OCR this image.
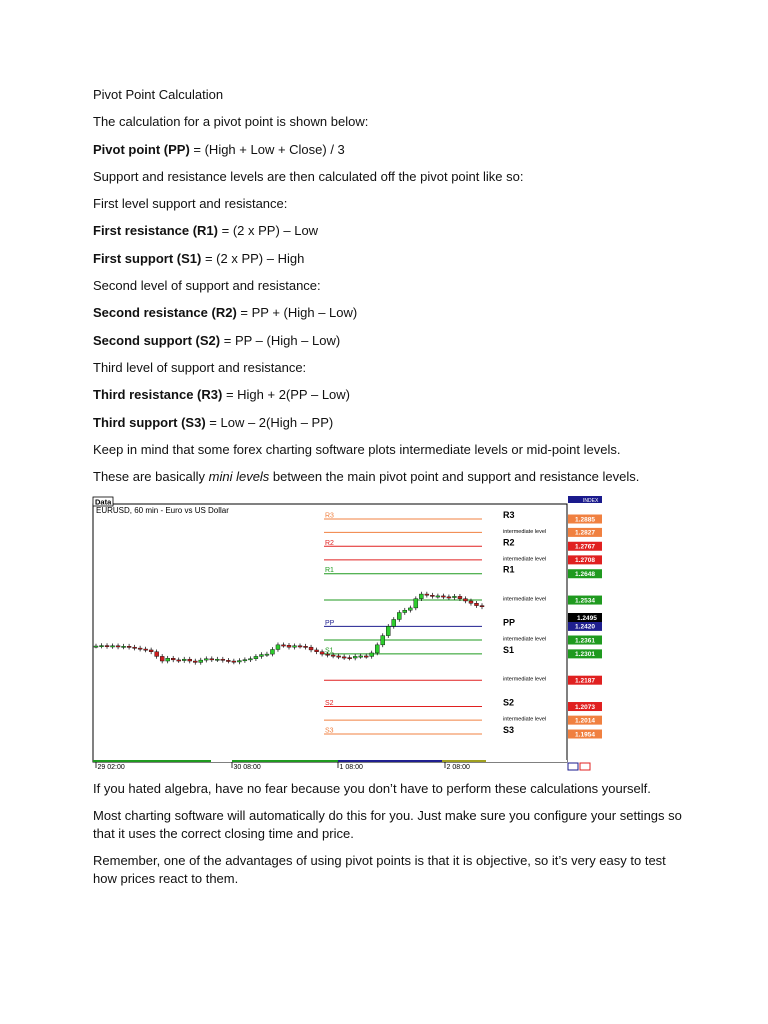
Pivot Point Calculation

The calculation for a pivot point is shown below:

Pivot point (PP) = (High + Low + Close) / 3

Support and resistance levels are then calculated off the pivot point like so:

First level support and resistance:

First resistance (R1) = (2 x PP) – Low

First support (S1) = (2 x PP) – High

Second level of support and resistance:

Second resistance (R2) = PP + (High – Low)

Second support (S2) = PP – (High – Low)

Third level of support and resistance:

Third resistance (R3) = High + 2(PP – Low)

Third support (S3) = Low – 2(High – PP)

Keep in mind that some forex charting software plots intermediate levels or mid-point levels.

These are basically mini levels between the main pivot point and support and resistance levels.

Data
EURUSD, 60 min - Euro vs US Dollar
INDEX
R3	R3	1.2885
intermediate level	1.2827
R2	R2	1.2767
intermediate level	1.2708
R1	R1	1.2648
intermediate level	1.2534
PP	PP	1.2420
intermediate level	1.2361
S1	S1	1.2301
intermediate level	1.2187
S2	S2	1.2073
intermediate level	1.2014
S3	S3	1.1954
▼ 1.2495
29 02:00	30 08:00	1 08:00	2 08:00

If you hated algebra, have no fear because you don’t have to perform these calculations yourself.

Most charting software will automatically do this for you. Just make sure you configure your settings so that it uses the correct closing time and price.

Remember, one of the advantages of using pivot points is that it is objective, so it’s very easy to test how prices react to them.
